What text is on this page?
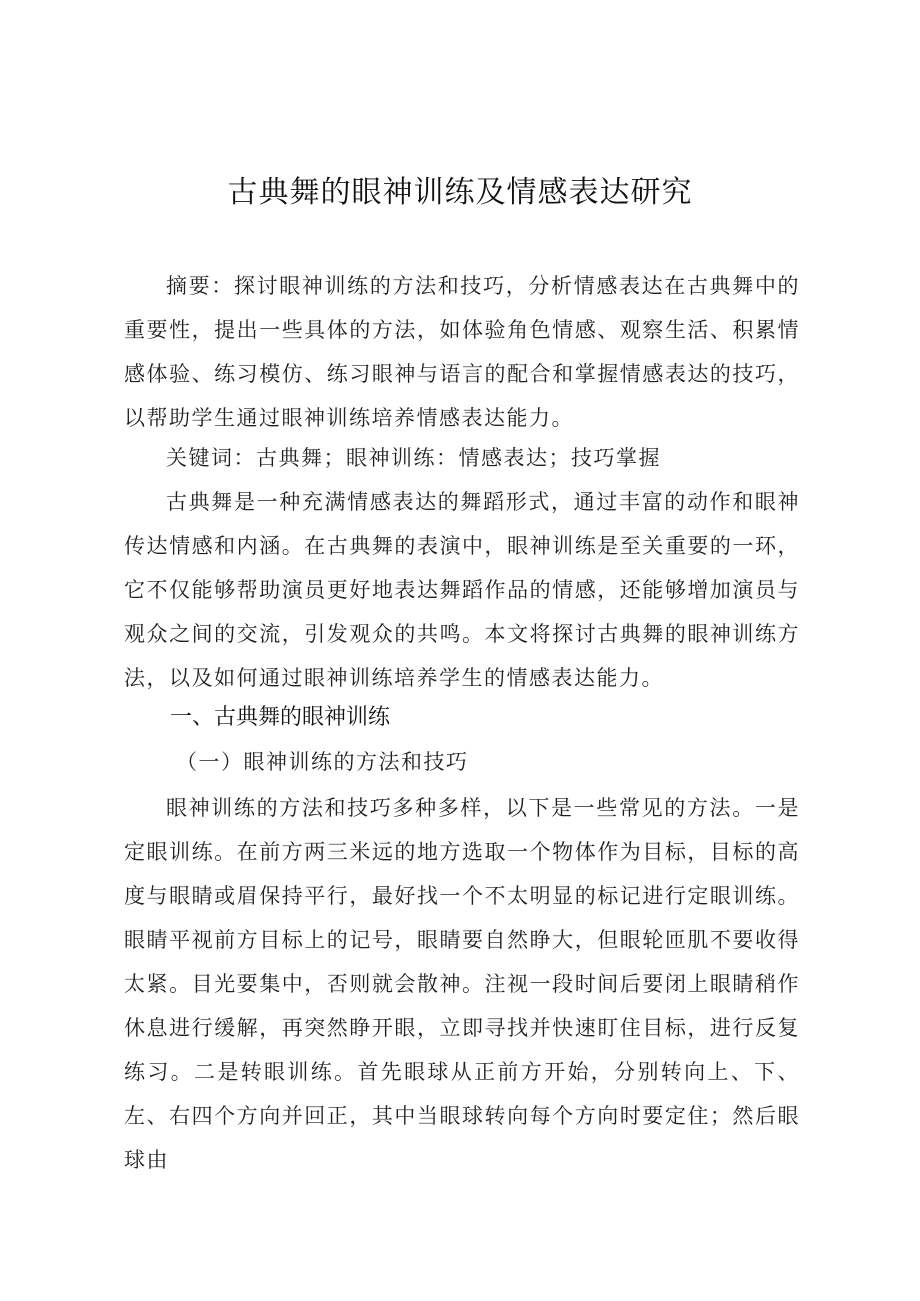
古典舞的眼神训练及情感表达研究

摘要：探讨眼神训练的方法和技巧，分析情感表达在古典舞中的重要性，提出一些具体的方法，如体验角色情感、观察生活、积累情感体验、练习模仿、练习眼神与语言的配合和掌握情感表达的技巧，以帮助学生通过眼神训练培养情感表达能力。

关键词：古典舞；眼神训练：情感表达；技巧掌握

古典舞是一种充满情感表达的舞蹈形式，通过丰富的动作和眼神传达情感和内涵。在古典舞的表演中，眼神训练是至关重要的一环，它不仅能够帮助演员更好地表达舞蹈作品的情感，还能够增加演员与观众之间的交流，引发观众的共鸣。本文将探讨古典舞的眼神训练方法，以及如何通过眼神训练培养学生的情感表达能力。

一、古典舞的眼神训练
（一）眼神训练的方法和技巧

眼神训练的方法和技巧多种多样，以下是一些常见的方法。一是定眼训练。在前方两三米远的地方选取一个物体作为目标，目标的高度与眼睛或眉保持平行，最好找一个不太明显的标记进行定眼训练。眼睛平视前方目标上的记号，眼睛要自然睁大，但眼轮匝肌不要收得太紧。目光要集中，否则就会散神。注视一段时间后要闭上眼睛稍作休息进行缓解，再突然睁开眼，立即寻找并快速盯住目标，进行反复练习。二是转眼训练。首先眼球从正前方开始，分别转向上、下、左、右四个方向并回正，其中当眼球转向每个方向时要定住；然后眼球由
